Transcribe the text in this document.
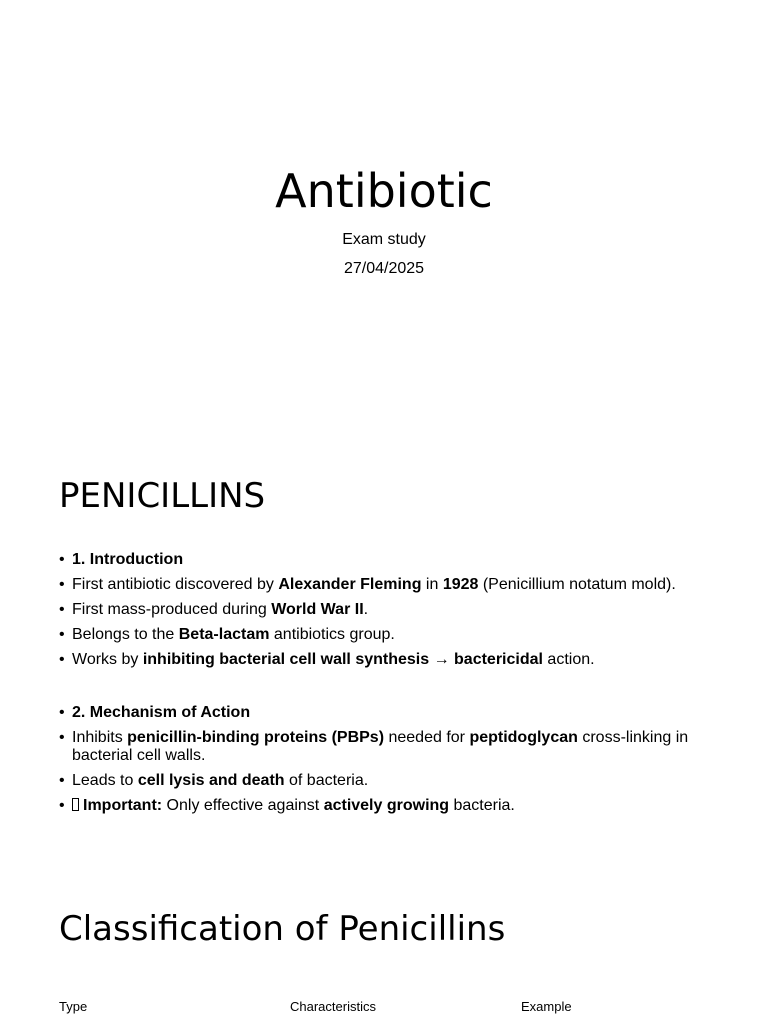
Antibiotic

Exam study

27/04/2025

PENICILLINS
• 1. Introduction
• First antibiotic discovered by Alexander Fleming in 1928 (Penicillium notatum mold).
• First mass-produced during World War II.
• Belongs to the Beta-lactam antibiotics group.
• Works by inhibiting bacterial cell wall synthesis → bactericidal action.
• 2. Mechanism of Action
• Inhibits penicillin-binding proteins (PBPs) needed for peptidoglycan cross-linking in bacterial cell walls.
• Leads to cell lysis and death of bacteria.
• Important: Only effective against actively growing bacteria.
Classification of Penicillins
Type	Characteristics	Example
